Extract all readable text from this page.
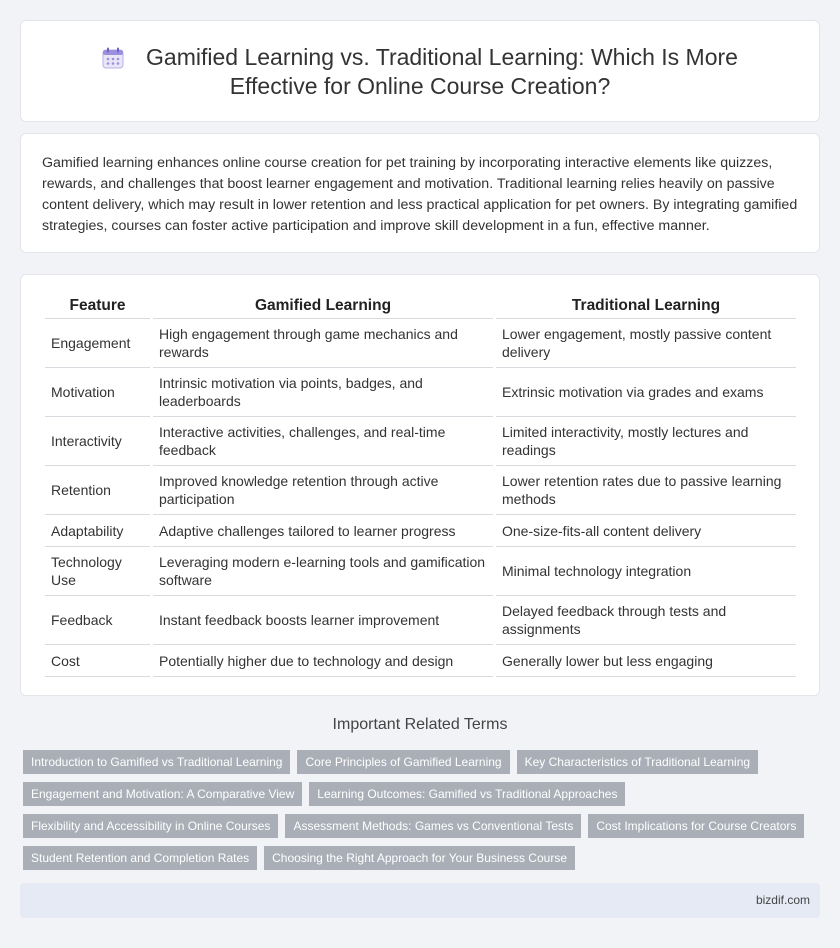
Gamified Learning vs. Traditional Learning: Which Is More
Effective for Online Course Creation?

Gamified learning enhances online course creation for pet training by incorporating interactive elements like quizzes, rewards, and challenges that boost learner engagement and motivation. Traditional learning relies heavily on passive content delivery, which may result in lower retention and less practical application for pet owners. By integrating gamified strategies, courses can foster active participation and improve skill development in a fun, effective manner.

Feature	Gamified Learning	Traditional Learning
Engagement	High engagement through game mechanics and rewards	Lower engagement, mostly passive content delivery
Motivation	Intrinsic motivation via points, badges, and leaderboards	Extrinsic motivation via grades and exams
Interactivity	Interactive activities, challenges, and real-time feedback	Limited interactivity, mostly lectures and readings
Retention	Improved knowledge retention through active participation	Lower retention rates due to passive learning methods
Adaptability	Adaptive challenges tailored to learner progress	One-size-fits-all content delivery
Technology Use	Leveraging modern e-learning tools and gamification software	Minimal technology integration
Feedback	Instant feedback boosts learner improvement	Delayed feedback through tests and assignments
Cost	Potentially higher due to technology and design	Generally lower but less engaging
Important Related Terms
Introduction to Gamified vs Traditional Learning	Core Principles of Gamified Learning	Key Characteristics of Traditional Learning
Engagement and Motivation: A Comparative View	Learning Outcomes: Gamified vs Traditional Approaches
Flexibility and Accessibility in Online Courses	Assessment Methods: Games vs Conventional Tests	Cost Implications for Course Creators
Student Retention and Completion Rates	Choosing the Right Approach for Your Business Course
bizdif.com
